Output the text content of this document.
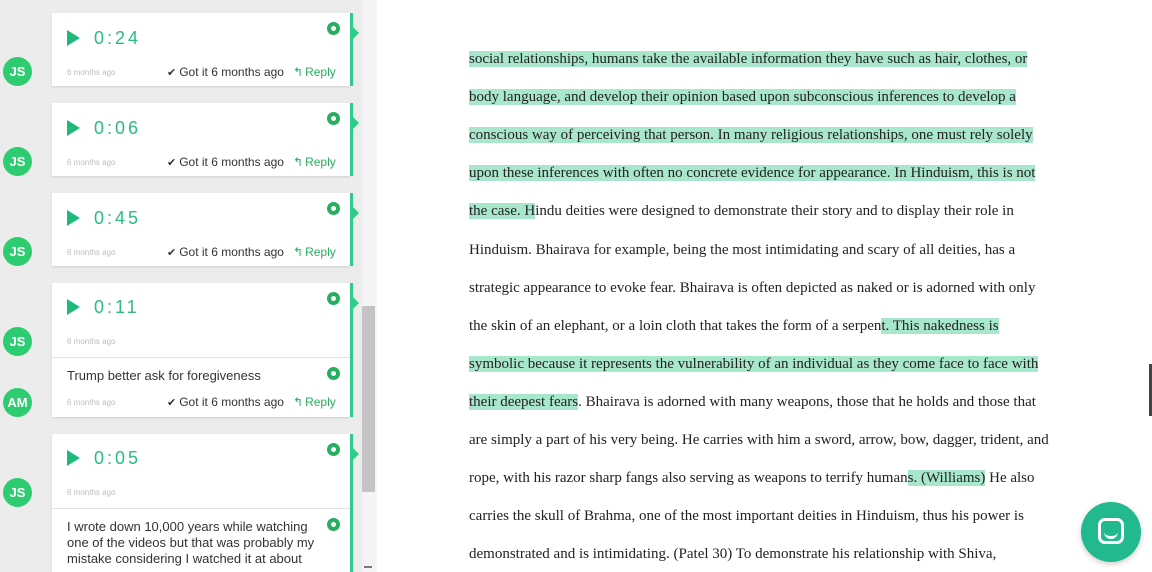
0:24
6 months ago	✔ Got it 6 months ago ↰ Reply
JS
0:06
6 months ago	✔ Got it 6 months ago ↰ Reply
JS
0:45
6 months ago	✔ Got it 6 months ago ↰ Reply
JS
0:11
6 months ago
Trump better ask for foregiveness
6 months ago	✔ Got it 6 months ago ↰ Reply
JS
AM
0:05
6 months ago
I wrote down 10,000 years while watching
one of the videos but that was probably my
mistake considering I watched it at about
JS
social relationships, humans take the available information they have such as hair, clothes, or
body language, and develop their opinion based upon subconscious inferences to develop a
conscious way of perceiving that person. In many religious relationships, one must rely solely
upon these inferences with often no concrete evidence for appearance. In Hinduism, this is not
the case. Hindu deities were designed to demonstrate their story and to display their role in
Hinduism. Bhairava for example, being the most intimidating and scary of all deities, has a
strategic appearance to evoke fear. Bhairava is often depicted as naked or is adorned with only
the skin of an elephant, or a loin cloth that takes the form of a serpent. This nakedness is
symbolic because it represents the vulnerability of an individual as they come face to face with
their deepest fears. Bhairava is adorned with many weapons, those that he holds and those that
are simply a part of his very being. He carries with him a sword, arrow, bow, dagger, trident, and
rope, with his razor sharp fangs also serving as weapons to terrify humans. (Williams) He also
carries the skull of Brahma, one of the most important deities in Hinduism, thus his power is
demonstrated and is intimidating. (Patel 30) To demonstrate his relationship with Shiva,
